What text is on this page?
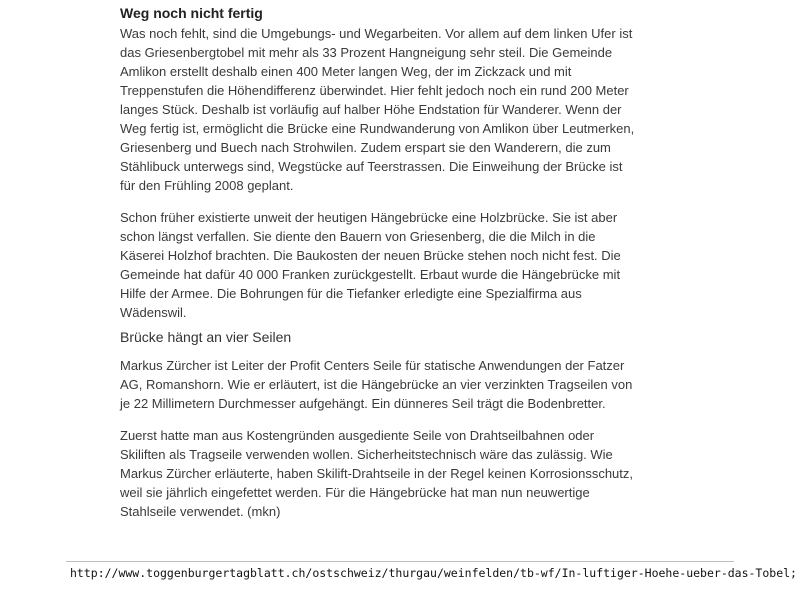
Weg noch nicht fertig

Was noch fehlt, sind die Umgebungs- und Wegarbeiten. Vor allem auf dem linken Ufer ist das Griesenbergtobel mit mehr als 33 Prozent Hangneigung sehr steil. Die Gemeinde Amlikon erstellt deshalb einen 400 Meter langen Weg, der im Zickzack und mit Treppenstufen die Höhendifferenz überwindet. Hier fehlt jedoch noch ein rund 200 Meter langes Stück. Deshalb ist vorläufig auf halber Höhe Endstation für Wanderer. Wenn der Weg fertig ist, ermöglicht die Brücke eine Rundwanderung von Amlikon über Leutmerken, Griesenberg und Buech nach Strohwilen. Zudem erspart sie den Wanderern, die zum Stählibuck unterwegs sind, Wegstücke auf Teerstrassen. Die Einweihung der Brücke ist für den Frühling 2008 geplant.

Schon früher existierte unweit der heutigen Hängebrücke eine Holzbrücke. Sie ist aber schon längst verfallen. Sie diente den Bauern von Griesenberg, die die Milch in die Käserei Holzhof brachten. Die Baukosten der neuen Brücke stehen noch nicht fest. Die Gemeinde hat dafür 40 000 Franken zurückgestellt. Erbaut wurde die Hängebrücke mit Hilfe der Armee. Die Bohrungen für die Tiefanker erledigte eine Spezialfirma aus Wädenswil.

Brücke hängt an vier Seilen

Markus Zürcher ist Leiter der Profit Centers Seile für statische Anwendungen der Fatzer AG, Romanshorn. Wie er erläutert, ist die Hängebrücke an vier verzinkten Tragseilen von je 22 Millimetern Durchmesser aufgehängt. Ein dünneres Seil trägt die Bodenbretter.

Zuerst hatte man aus Kostengründen ausgediente Seile von Drahtseilbahnen oder Skiliften als Tragseile verwenden wollen. Sicherheitstechnisch wäre das zulässig. Wie Markus Zürcher erläuterte, haben Skilift-Drahtseile in der Regel keinen Korrosionsschutz, weil sie jährlich eingefettet werden. Für die Hängebrücke hat man nun neuwertige Stahlseile verwendet. (mkn)

http://www.toggenburgertagblatt.ch/ostschweiz/thurgau/weinfelden/tb-wf/In-luftiger-Hoehe-ueber-das-Tobel;
